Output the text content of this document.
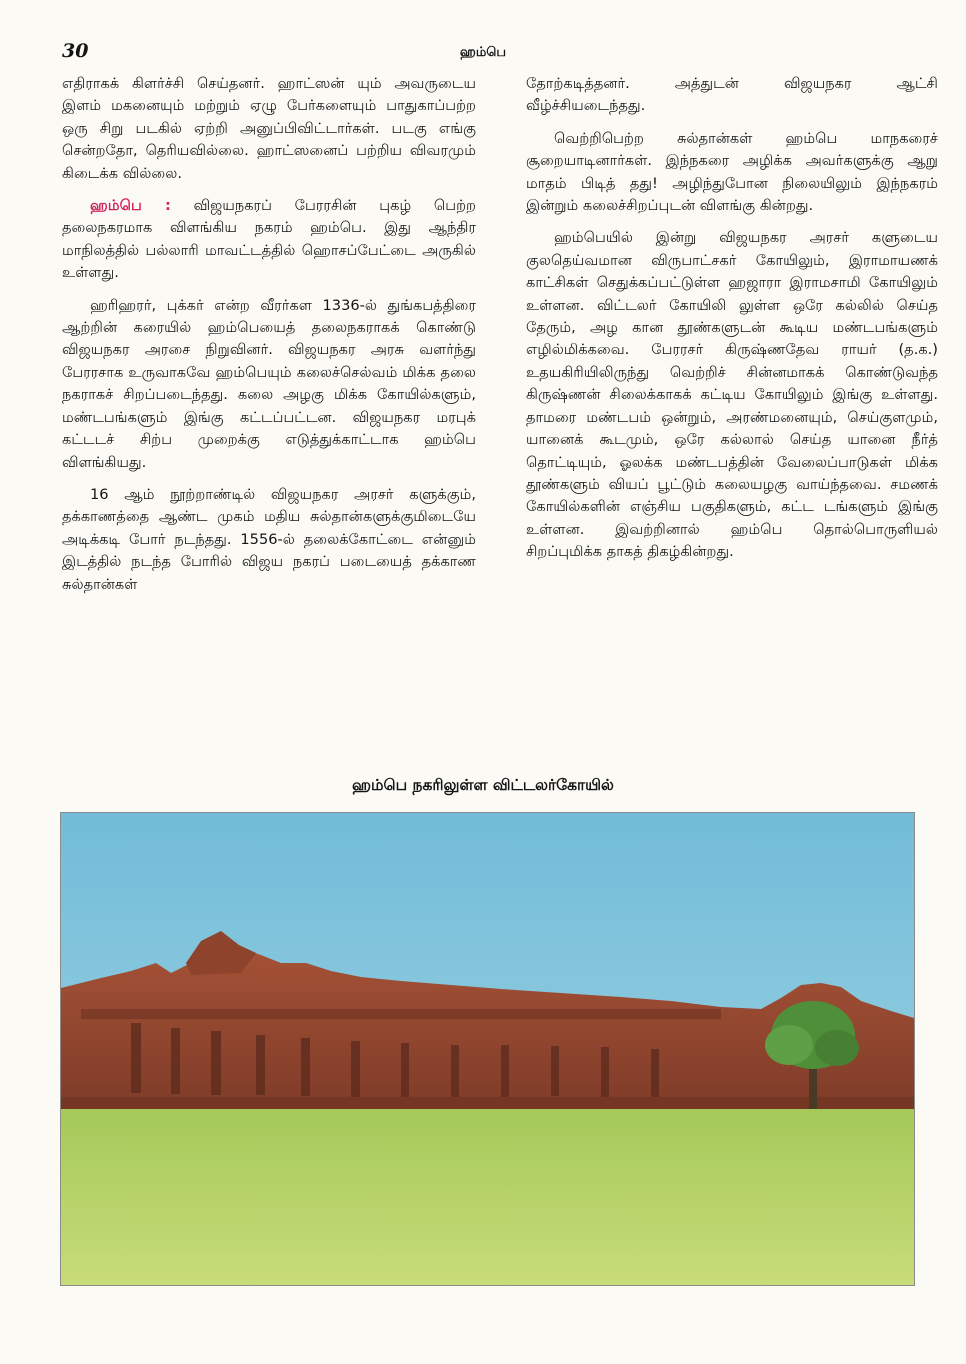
30	ஹம்பெ

எதிராகக் கிளர்ச்சி செய்தனர். ஹாட்ஸன் யும் அவருடைய இளம் மகனையும் மற்றும் ஏழு பேர்களையும் பாதுகாப்பற்ற ஒரு சிறு படகில் ஏற்றி அனுப்பிவிட்டார்கள். படகு எங்கு சென்றதோ, தெரியவில்லை. ஹாட்ஸனைப் பற்றிய விவரமும் கிடைக்க வில்லை.

ஹம்பெ : விஜயநகரப் பேரரசின் புகழ் பெற்ற தலைநகரமாக விளங்கிய நகரம் ஹம்பெ. இது ஆந்திர மாநிலத்தில் பல்லாரி மாவட்டத்தில் ஹொசப்பேட்டை அருகில் உள்ளது.

ஹரிஹரர், புக்கர் என்ற வீரர்கள 1336-ல் துங்கபத்திரை ஆற்றின் கரையில் ஹம்பெயைத் தலைநகராகக் கொண்டு விஜயநகர அரசை நிறுவினர். விஜயநகர அரசு வளர்ந்து பேரரசாக உருவாகவே ஹம்பெயும் கலைச்செல்வம் மிக்க தலை நகராகச் சிறப்படைந்தது. கலை அழகு மிக்க கோயில்களும், மண்டபங்களும் இங்கு கட்டப்பட்டன. விஜயநகர மரபுக் கட்டடச் சிற்ப முறைக்கு எடுத்துக்காட்டாக ஹம்பெ விளங்கியது.

16 ஆம் நூற்றாண்டில் விஜயநகர அரசர் களுக்கும், தக்காணத்தை ஆண்ட முகம் மதிய சுல்தான்களுக்குமிடையே அடிக்கடி போர் நடந்தது. 1556-ல் தலைக்கோட்டை என்னும் இடத்தில் நடந்த போரில் விஜய நகரப் படையைத் தக்காண சுல்தான்கள்

தோற்கடித்தனர். அத்துடன் விஜயநகர ஆட்சி வீழ்ச்சியடைந்தது.

வெற்றிபெற்ற சுல்தான்கள் ஹம்பெ மாநகரைச் சூறையாடினார்கள். இந்நகரை அழிக்க அவர்களுக்கு ஆறு மாதம் பிடித் தது! அழிந்துபோன நிலையிலும் இந்நகரம் இன்றும் கலைச்சிறப்புடன் விளங்கு கின்றது.

ஹம்பெயில் இன்று விஜயநகர அரசர் களுடைய குலதெய்வமான விருபாட்சகர் கோயிலும், இராமாயணக் காட்சிகள் செதுக்கப்பட்டுள்ள ஹஜாரா இராமசாமி கோயிலும் உள்ளன. விட்டலர் கோயிலி லுள்ள ஒரே கல்லில் செய்த தேரும், அழ கான தூண்களுடன் கூடிய மண்டபங்களும் எழில்மிக்கவை. பேரரசர் கிருஷ்ணதேவ ராயர் (த.க.) உதயகிரியிலிருந்து வெற்றிச் சின்னமாகக் கொண்டுவந்த கிருஷ்ணன் சிலைக்காகக் கட்டிய கோயிலும் இங்கு உள்ளது. தாமரை மண்டபம் ஒன்றும், அரண்மனையும், செய்குளமும், யானைக் கூடமும், ஒரே கல்லால் செய்த யானை நீர்த் தொட்டியும், ஓலக்க மண்டபத்தின் வேலைப்பாடுகள் மிக்க தூண்களும் வியப் பூட்டும் கலையழகு வாய்ந்தவை. சமணக் கோயில்களின் எஞ்சிய பகுதிகளும், கட்ட டங்களும் இங்கு உள்ளன. இவற்றினால் ஹம்பெ தொல்பொருளியல் சிறப்புமிக்க தாகத் திகழ்கின்றது.

ஹம்பெ நகரிலுள்ள விட்டலர்கோயில்
